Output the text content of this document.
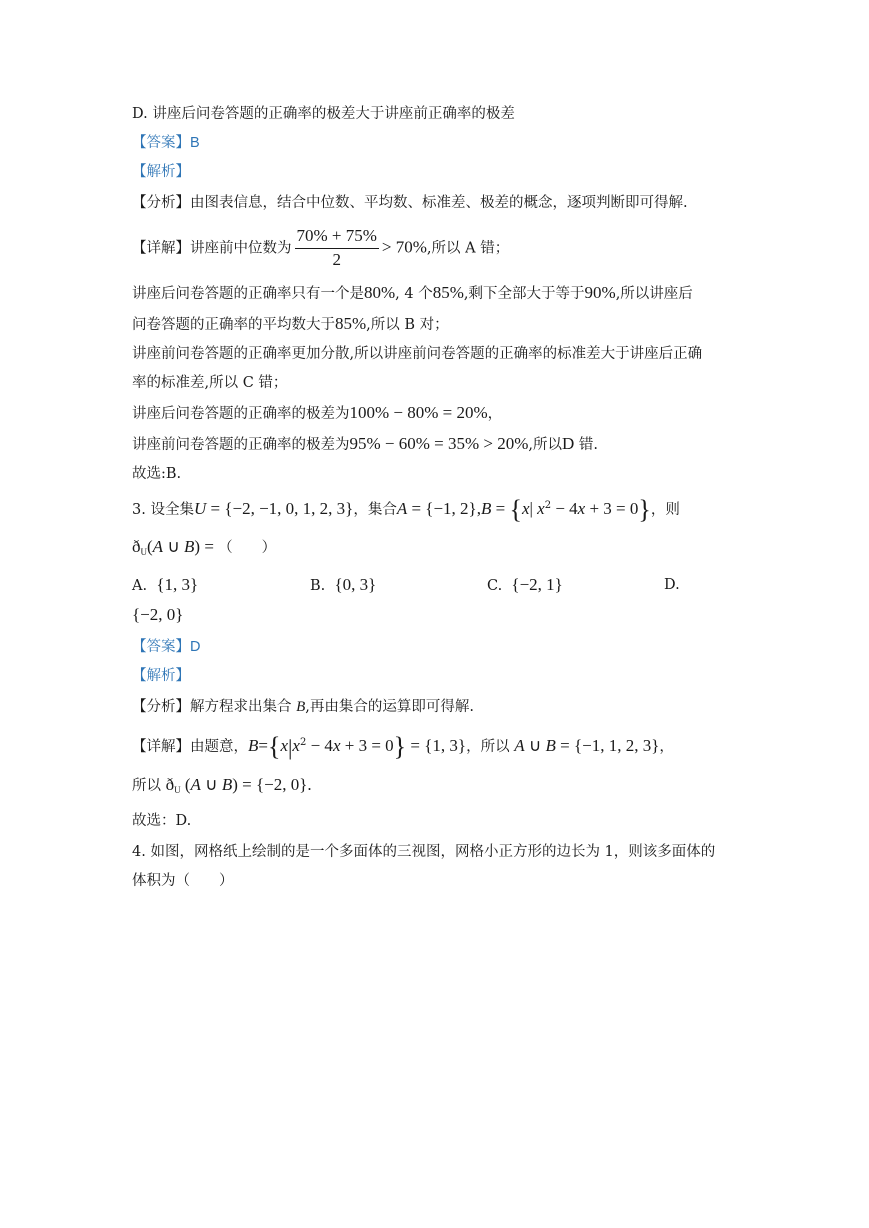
D. 讲座后问卷答题的正确率的极差大于讲座前正确率的极差
【答案】B
【解析】
【分析】由图表信息，结合中位数、平均数、标准差、极差的概念，逐项判断即可得解.
【详解】讲座前中位数为 $\frac{70\% + 75\%}{2} > 70\%$,所以 A 错；
讲座后问卷答题的正确率只有一个是80%, 4 个85%,剩下全部大于等于90%,所以讲座后
问卷答题的正确率的平均数大于85%,所以 B 对；
讲座前问卷答题的正确率更加分散,所以讲座前问卷答题的正确率的标准差大于讲座后正确
率的标准差,所以 C 错；
讲座后问卷答题的正确率的极差为100% − 80% = 20%，
讲座前问卷答题的正确率的极差为95% − 60% = 35% > 20%,所以D 错.
故选:B.
3. 设全集U = {−2, −1, 0, 1, 2, 3}，集合A = {−1, 2},B = {x| $x^2 - 4x + 3 = 0$}，则
$ð_U(A$ ∪ B) = （　　）
A. {1, 3}	B. {0, 3}	C. {−2, 1}	D.
{−2, 0}
【答案】D
【解析】
【分析】解方程求出集合 B,再由集合的运算即可得解.
【详解】由题意，$B=\{x|x^2 - 4x + 3 = 0\} = \{1$, 3}，所以 A ∪ B = {−1, 1, 2, 3}，
所以 $ð_U$ (A ∪ B) = {−2, 0}.
故选：D.
4. 如图，网格纸上绘制的是一个多面体的三视图，网格小正方形的边长为 1，则该多面体的
体积为（　　）
